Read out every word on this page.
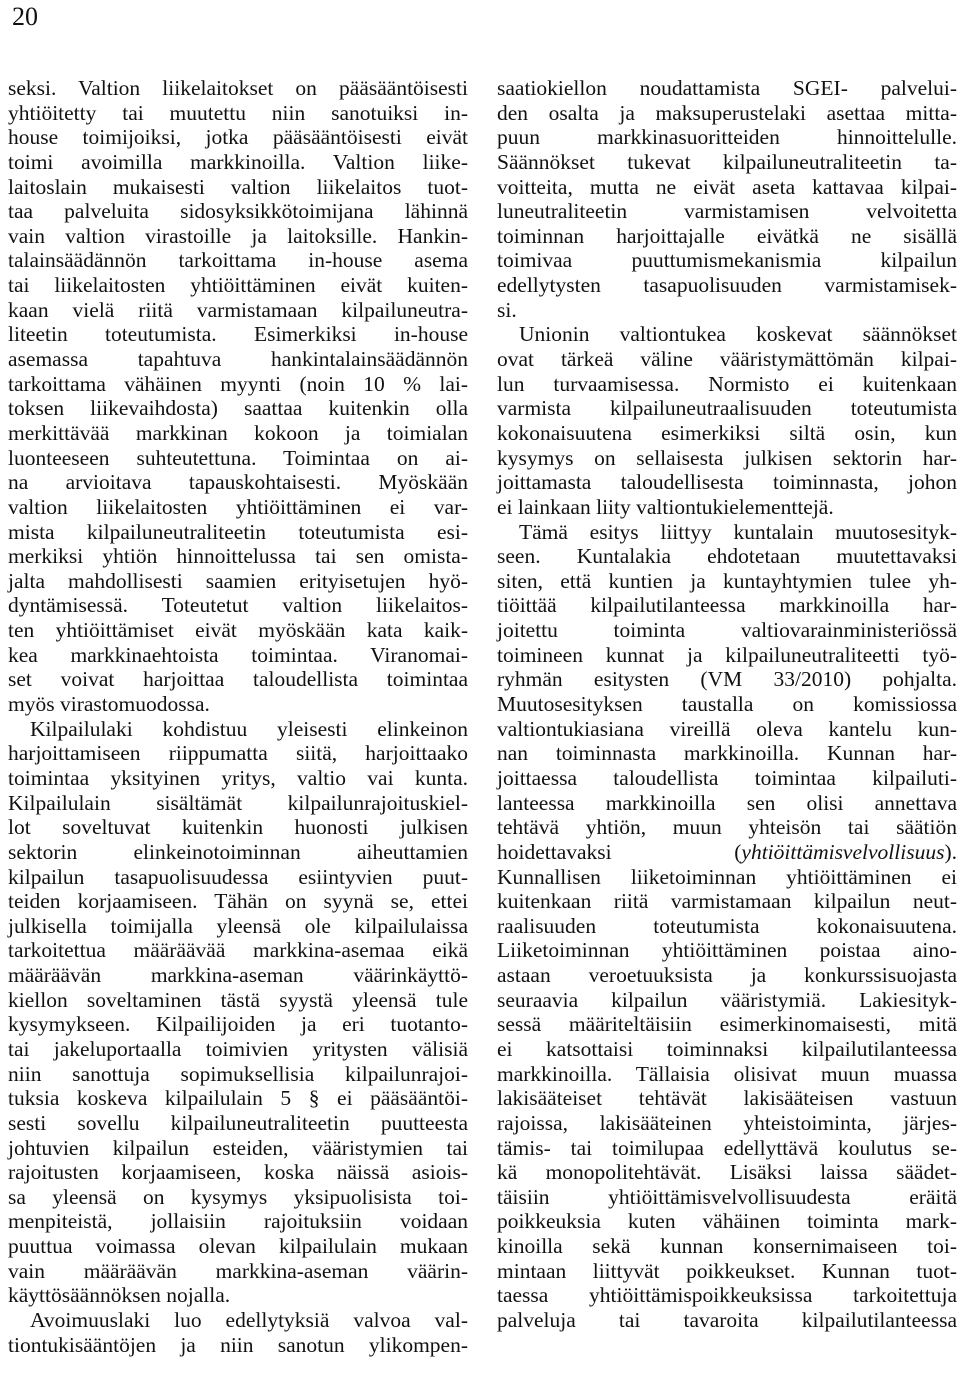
20
seksi. Valtion liikelaitokset on pääsääntöisesti
yhtiöitetty tai muutettu niin sanotuiksi in-
house toimijoiksi, jotka pääsääntöisesti eivät
toimi avoimilla markkinoilla. Valtion liike-
laitoslain mukaisesti valtion liikelaitos tuot-
taa palveluita sidosyksikkötoimijana lähinnä
vain valtion virastoille ja laitoksille. Hankin-
talainsäädännön tarkoittama in-house asema
tai liikelaitosten yhtiöittäminen eivät kuiten-
kaan vielä riitä varmistamaan kilpailuneutra-
liteetin toteutumista. Esimerkiksi in-house
asemassa tapahtuva hankintalainsäädännön
tarkoittama vähäinen myynti (noin 10 % lai-
toksen liikevaihdosta) saattaa kuitenkin olla
merkittävää markkinan kokoon ja toimialan
luonteeseen suhteutettuna. Toimintaa on ai-
na arvioitava tapauskohtaisesti. Myöskään
valtion liikelaitosten yhtiöittäminen ei var-
mista kilpailuneutraliteetin toteutumista esi-
merkiksi yhtiön hinnoittelussa tai sen omista-
jalta mahdollisesti saamien erityisetujen hyö-
dyntämisessä. Toteutetut valtion liikelaitos-
ten yhtiöittämiset eivät myöskään kata kaik-
kea markkinaehtoista toimintaa. Viranomai-
set voivat harjoittaa taloudellista toimintaa
myös virastomuodossa.
Kilpailulaki kohdistuu yleisesti elinkeinon
harjoittamiseen riippumatta siitä, harjoittaako
toimintaa yksityinen yritys, valtio vai kunta.
Kilpailulain sisältämät kilpailunrajoituskiel-
lot soveltuvat kuitenkin huonosti julkisen
sektorin elinkeinotoiminnan aiheuttamien
kilpailun tasapuolisuudessa esiintyvien puut-
teiden korjaamiseen. Tähän on syynä se, ettei
julkisella toimijalla yleensä ole kilpailulaissa
tarkoitettua määräävää markkina-asemaa eikä
määräävän markkina-aseman väärinkäyttö-
kiellon soveltaminen tästä syystä yleensä tule
kysymykseen. Kilpailijoiden ja eri tuotanto-
tai jakeluportaalla toimivien yritysten välisiä
niin sanottuja sopimuksellisia kilpailunrajoi-
tuksia koskeva kilpailulain 5 § ei pääsääntöi-
sesti sovellu kilpailuneutraliteetin puutteesta
johtuvien kilpailun esteiden, vääristymien tai
rajoitusten korjaamiseen, koska näissä asiois-
sa yleensä on kysymys yksipuolisista toi-
menpiteistä, jollaisiin rajoituksiin voidaan
puuttua voimassa olevan kilpailulain mukaan
vain määräävän markkina-aseman väärin-
käyttösäännöksen nojalla.
Avoimuuslaki luo edellytyksiä valvoa val-
tiontukisääntöjen ja niin sanotun ylikompen-
saatiokiellon noudattamista SGEI- palvelui-
den osalta ja maksuperustelaki asettaa mitta-
puun markkinasuoritteiden hinnoittelulle.
Säännökset tukevat kilpailuneutraliteetin ta-
voitteita, mutta ne eivät aseta kattavaa kilpai-
luneutraliteetin varmistamisen velvoitetta
toiminnan harjoittajalle eivätkä ne sisällä
toimivaa puuttumismekanismia kilpailun
edellytysten tasapuolisuuden varmistamisek-
si.
Unionin valtiontukea koskevat säännökset
ovat tärkeä väline vääristymättömän kilpai-
lun turvaamisessa. Normisto ei kuitenkaan
varmista kilpailuneutraalisuuden toteutumista
kokonaisuutena esimerkiksi siltä osin, kun
kysymys on sellaisesta julkisen sektorin har-
joittamasta taloudellisesta toiminnasta, johon
ei lainkaan liity valtiontukielementtejä.
Tämä esitys liittyy kuntalain muutosesityk-
seen. Kuntalakia ehdotetaan muutettavaksi
siten, että kuntien ja kuntayhtymien tulee yh-
tiöittää kilpailutilanteessa markkinoilla har-
joitettu toiminta valtiovarainministeriössä
toimineen kunnat ja kilpailuneutraliteetti työ-
ryhmän esitysten (VM 33/2010) pohjalta.
Muutosesityksen taustalla on komissiossa
valtiontukiasiana vireillä oleva kantelu kun-
nan toiminnasta markkinoilla. Kunnan har-
joittaessa taloudellista toimintaa kilpailuti-
lanteessa markkinoilla sen olisi annettava
tehtävä yhtiön, muun yhteisön tai säätiön
hoidettavaksi (yhtiöittämisvelvollisuus).
Kunnallisen liiketoiminnan yhtiöittäminen ei
kuitenkaan riitä varmistamaan kilpailun neut-
raalisuuden toteutumista kokonaisuutena.
Liiketoiminnan yhtiöittäminen poistaa aino-
astaan veroetuuksista ja konkurssisuojasta
seuraavia kilpailun vääristymiä. Lakiesityk-
sessä määriteltäisiin esimerkinomaisesti, mitä
ei katsottaisi toiminnaksi kilpailutilanteessa
markkinoilla. Tällaisia olisivat muun muassa
lakisääteiset tehtävät lakisääteisen vastuun
rajoissa, lakisääteinen yhteistoiminta, järjes-
tämis- tai toimilupaa edellyttävä koulutus se-
kä monopolitehtävät. Lisäksi laissa säädet-
täisiin yhtiöittämisvelvollisuudesta eräitä
poikkeuksia kuten vähäinen toiminta mark-
kinoilla sekä kunnan konsernimaiseen toi-
mintaan liittyvät poikkeukset. Kunnan tuot-
taessa yhtiöittämispoikkeuksissa tarkoitettuja
palveluja tai tavaroita kilpailutilanteessa
